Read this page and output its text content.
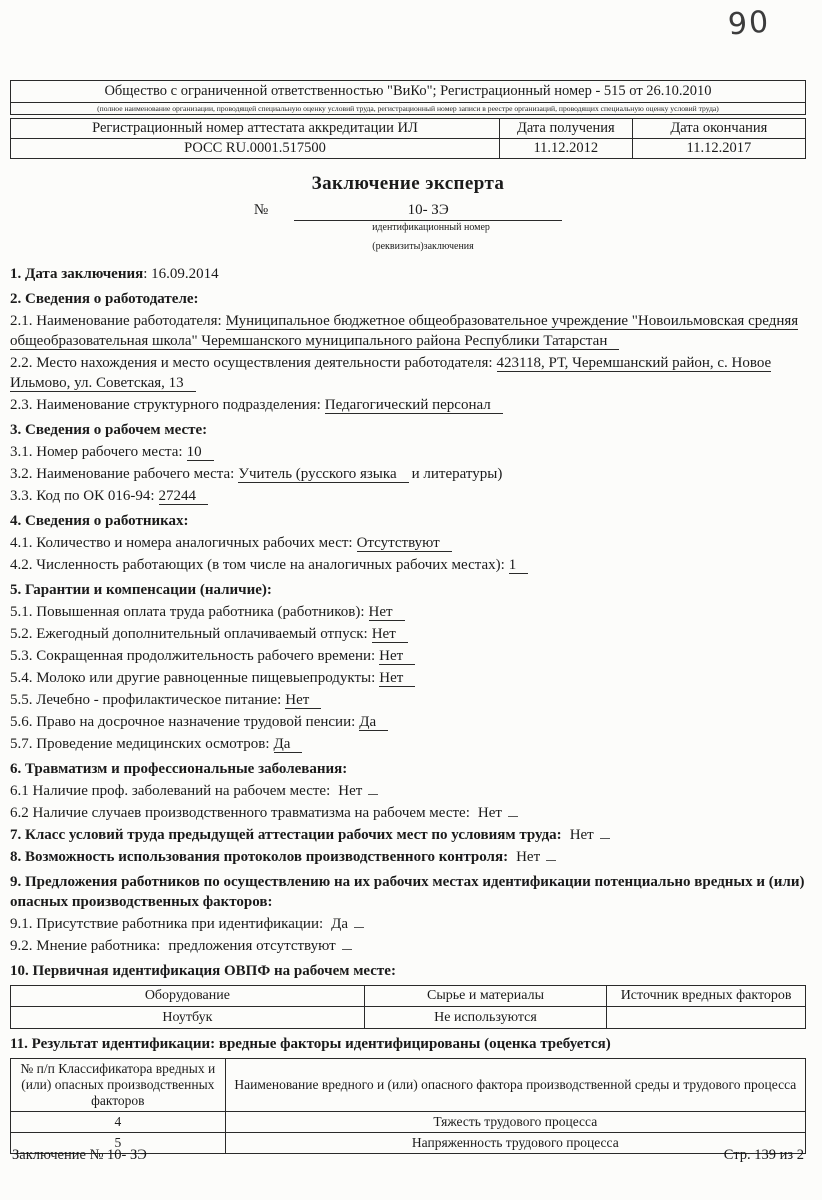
90
Общество с ограниченной ответственностью "ВиКо"; Регистрационный номер - 515 от 26.10.2010
(полное наименование организации, проводящей специальную оценку условий труда, регистрационный номер записи в реестре организаций, проводящих специальную оценку условий труда)
Регистрационный номер аттестата аккредитации ИЛ	Дата получения	Дата окончания
РОСС RU.0001.517500	11.12.2012	11.12.2017
Заключение эксперта
№	10- ЗЭ
идентификационный номер
(реквизиты)заключения

1. Дата заключения: 16.09.2014

2. Сведения о работодателе:

2.1. Наименование работодателя: Муниципальное бюджетное общеобразовательное учреждение "Новоильмовская средняя общеобразовательная школа" Черемшанского муниципального района Республики Татарстан

2.2. Место нахождения и место осуществления деятельности работодателя: 423118, РТ, Черемшанский район, с. Новое Ильмово, ул. Советская, 13

2.3. Наименование структурного подразделения: Педагогический персонал

3. Сведения о рабочем месте:

3.1. Номер рабочего места: 10

3.2. Наименование рабочего места: Учитель (русского языка и литературы)

3.3. Код по ОК 016-94: 27244

4. Сведения о работниках:

4.1. Количество и номера аналогичных рабочих мест: Отсутствуют

4.2. Численность работающих (в том числе на аналогичных рабочих местах): 1

5. Гарантии и компенсации (наличие):

5.1. Повышенная оплата труда работника (работников): Нет

5.2. Ежегодный дополнительный оплачиваемый отпуск: Нет

5.3. Сокращенная продолжительность рабочего времени: Нет

5.4. Молоко или другие равноценные пищевыепродукты: Нет

5.5. Лечебно - профилактическое питание: Нет

5.6. Право на досрочное назначение трудовой пенсии: Да

5.7. Проведение медицинских осмотров: Да

6. Травматизм и профессиональные заболевания:

6.1 Наличие проф. заболеваний на рабочем месте: Нет

6.2 Наличие случаев производственного травматизма на рабочем месте: Нет

7. Класс условий труда предыдущей аттестации рабочих мест по условиям труда: Нет

8. Возможность использования протоколов производственного контроля: Нет

9. Предложения работников по осуществлению на их рабочих местах идентификации потенциально вредных и (или) опасных производственных факторов:

9.1. Присутствие работника при идентификации: Да

9.2. Мнение работника: предложения отсутствуют

10. Первичная идентификация ОВПФ на рабочем месте:

Оборудование	Сырье и материалы	Источник вредных факторов
Ноутбук	Не используются	

11. Результат идентификации: вредные факторы идентифицированы (оценка требуется)

№ п/п Классификатора вредных и (или) опасных производственных факторов	Наименование вредного и (или) опасного фактора производственной среды и трудового процесса
4	Тяжесть трудового процесса
5	Напряженность трудового процесса
Заключение № 10- ЗЭ	Стр. 139 из 2
